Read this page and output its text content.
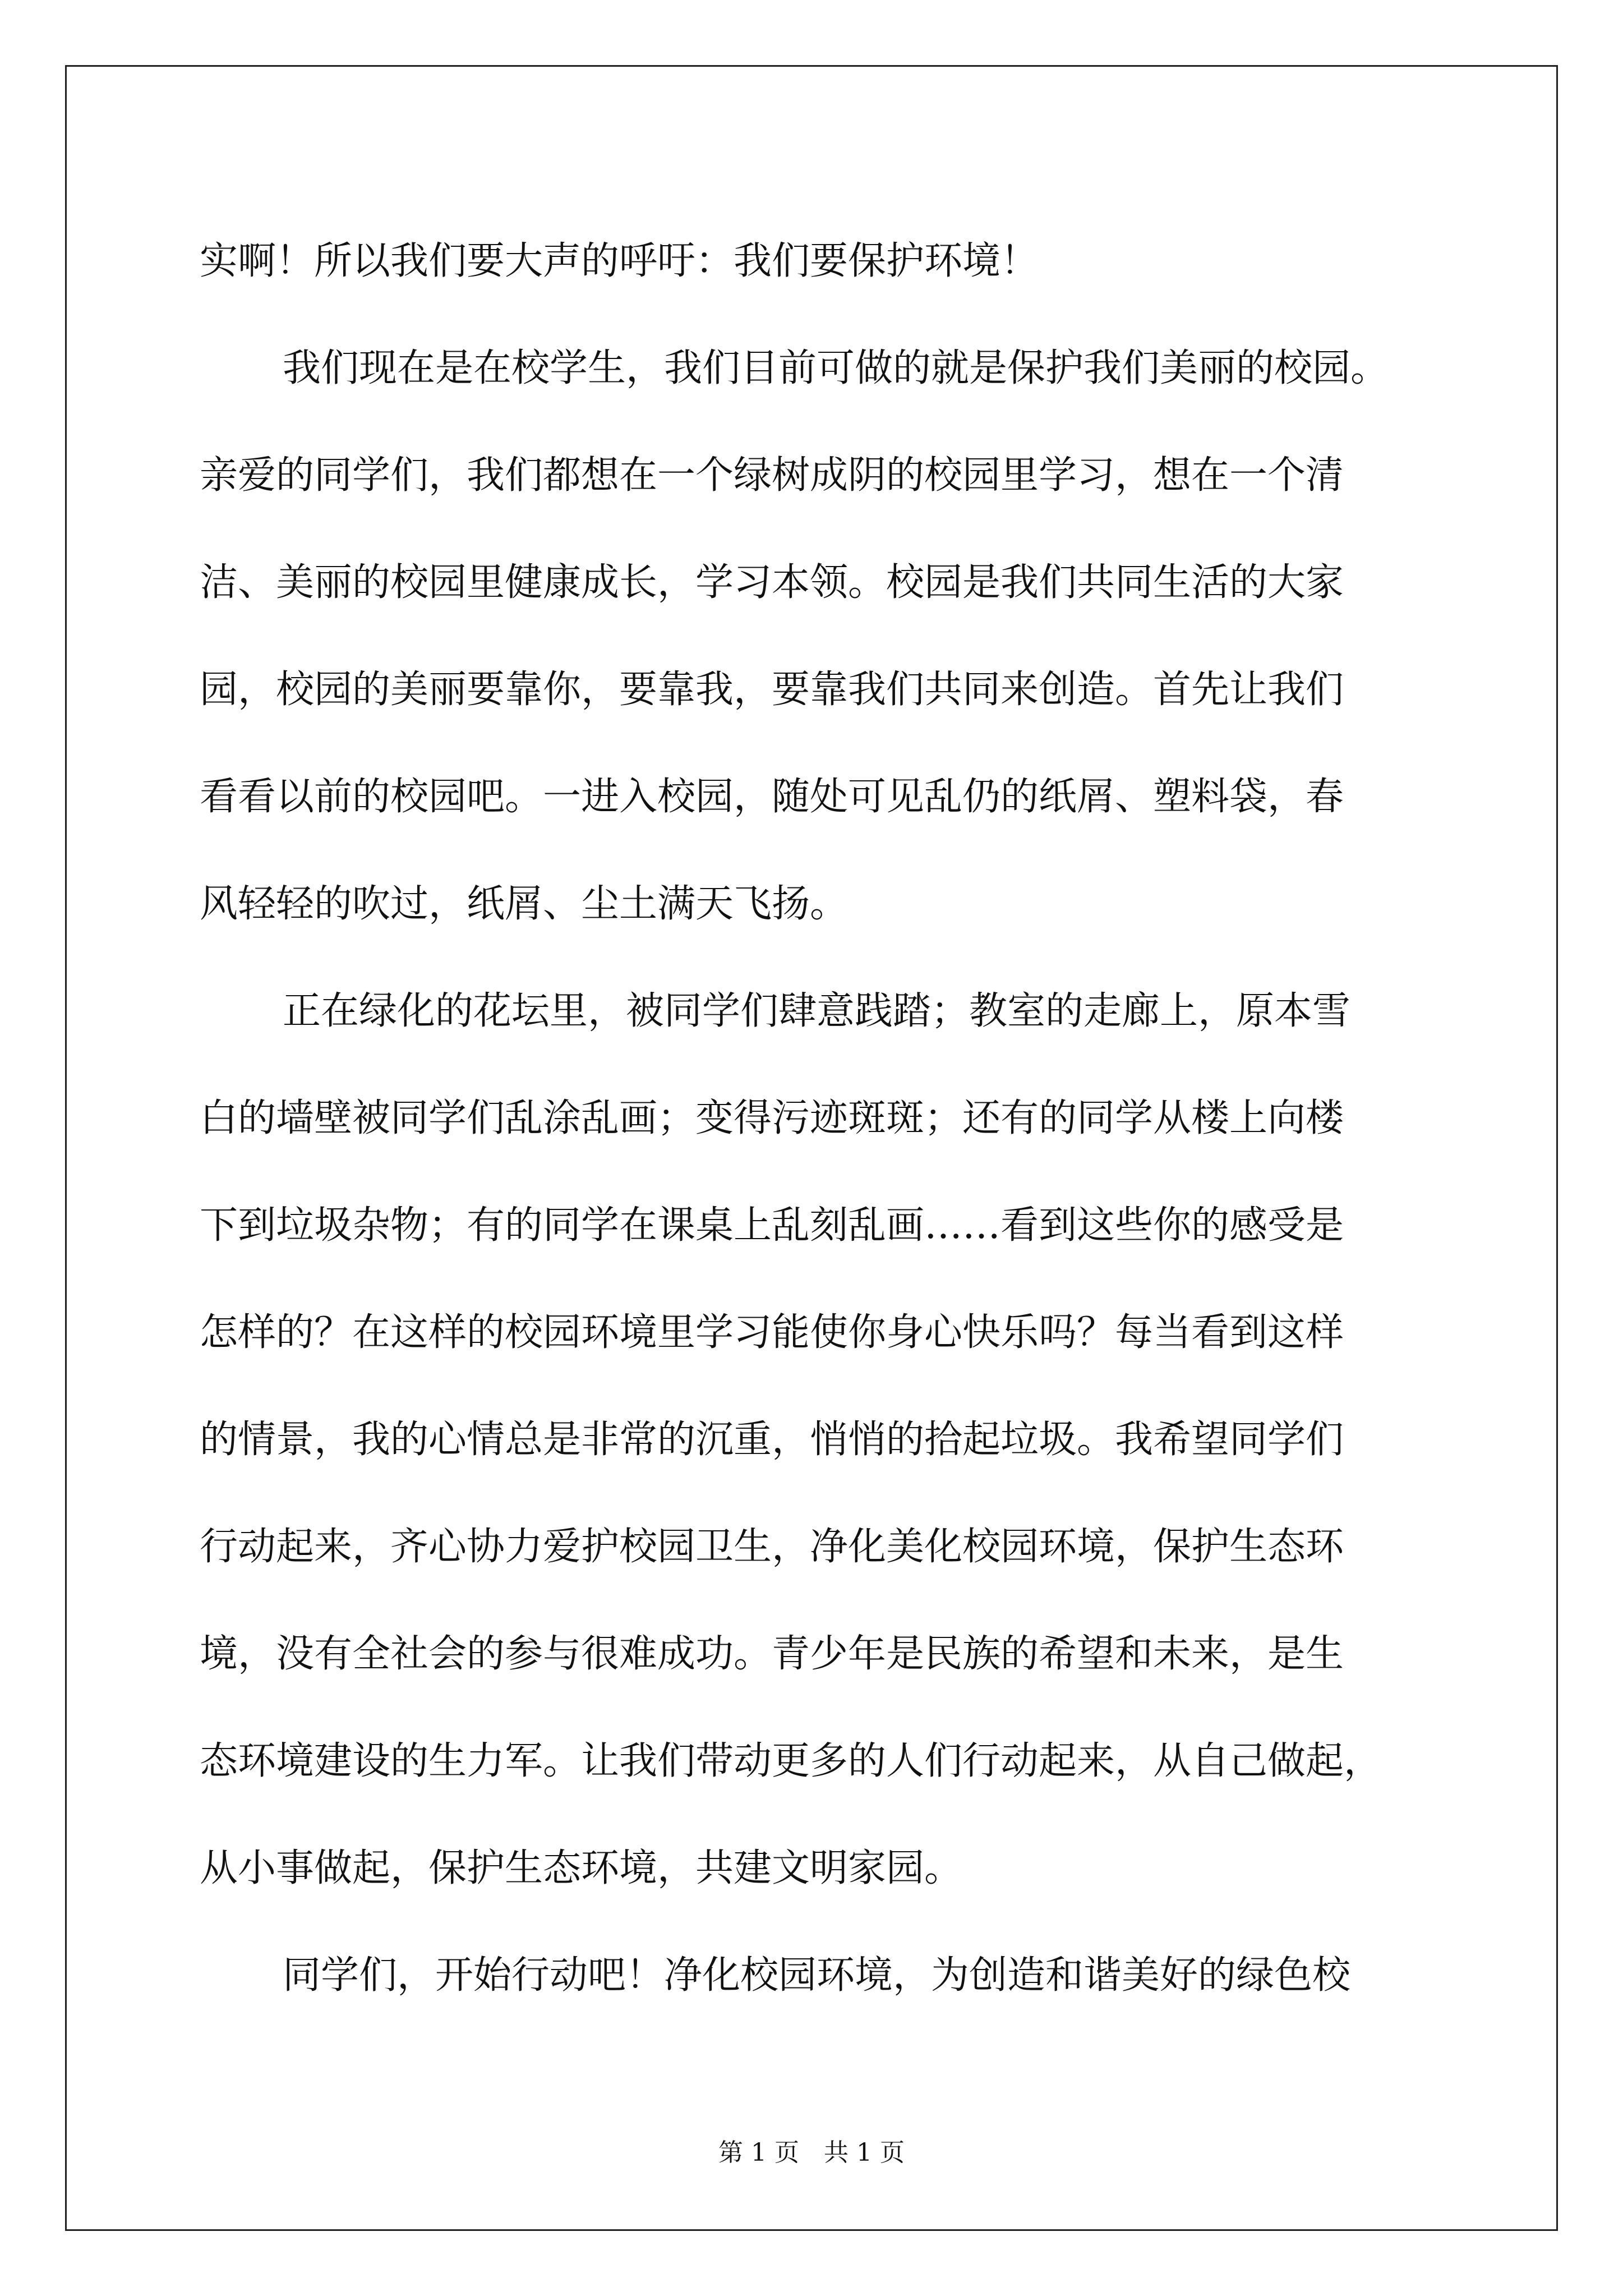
实啊！所以我们要大声的呼吁：我们要保护环境！
我们现在是在校学生，我们目前可做的就是保护我们美丽的校园。
亲爱的同学们，我们都想在一个绿树成阴的校园里学习，想在一个清
洁、美丽的校园里健康成长，学习本领。校园是我们共同生活的大家
园，校园的美丽要靠你，要靠我，要靠我们共同来创造。首先让我们
看看以前的校园吧。一进入校园，随处可见乱仍的纸屑、塑料袋，春
风轻轻的吹过，纸屑、尘土满天飞扬。
正在绿化的花坛里，被同学们肆意践踏；教室的走廊上，原本雪
白的墙壁被同学们乱涂乱画；变得污迹斑斑；还有的同学从楼上向楼
下到垃圾杂物；有的同学在课桌上乱刻乱画……看到这些你的感受是
怎样的？在这样的校园环境里学习能使你身心快乐吗？每当看到这样
的情景，我的心情总是非常的沉重，悄悄的拾起垃圾。我希望同学们
行动起来，齐心协力爱护校园卫生，净化美化校园环境，保护生态环
境，没有全社会的参与很难成功。青少年是民族的希望和未来，是生
态环境建设的生力军。让我们带动更多的人们行动起来，从自己做起，
从小事做起，保护生态环境，共建文明家园。
同学们，开始行动吧！净化校园环境，为创造和谐美好的绿色校
第 1 页　共 1 页
